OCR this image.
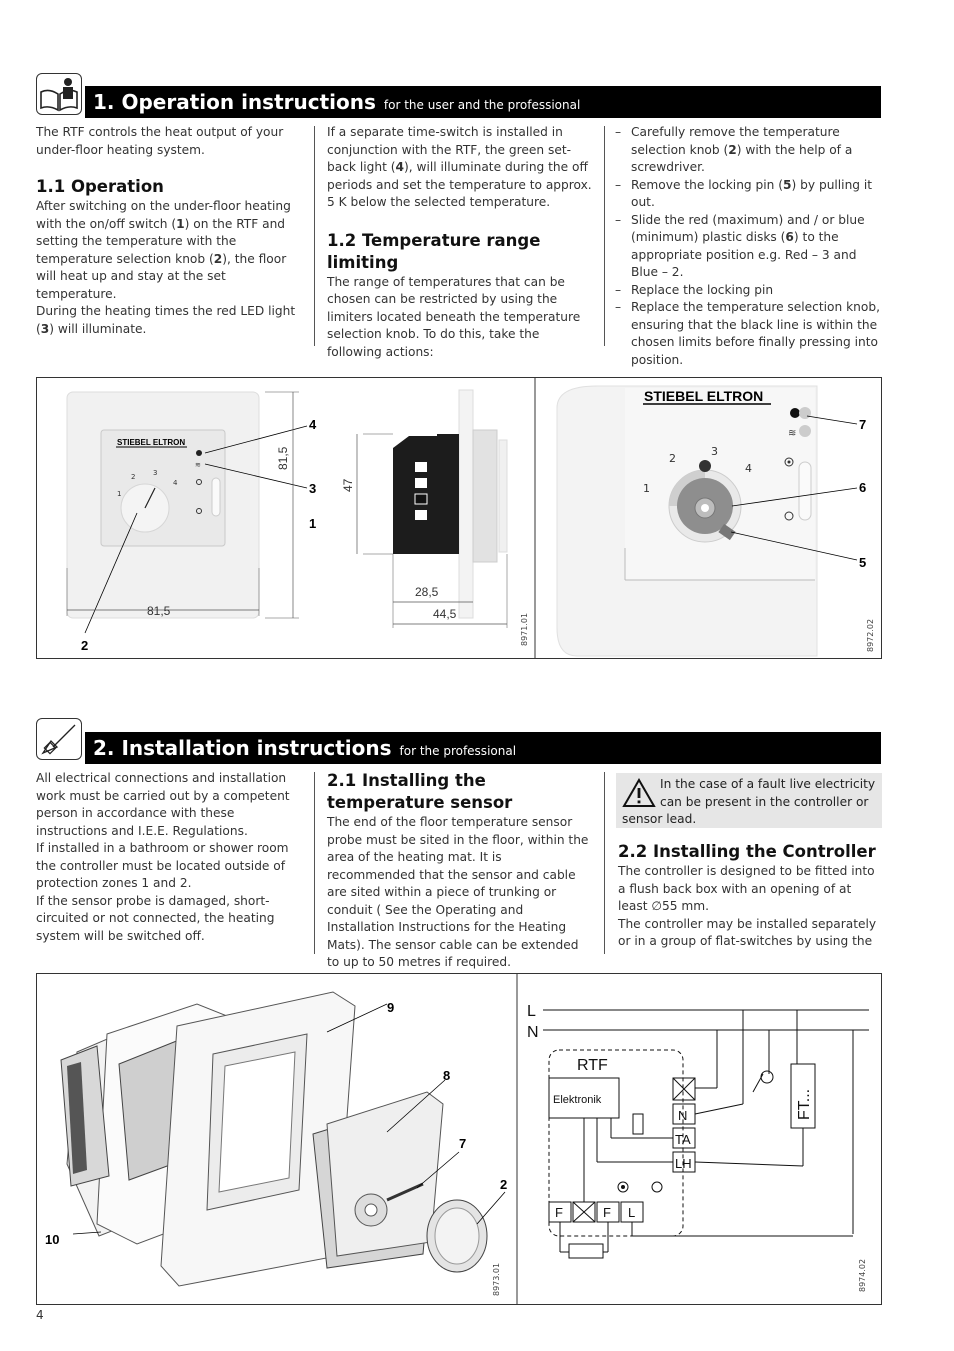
1. Operation instructions for the user and the professional

The RTF controls the heat output of your under-floor heating system.

1.1 Operation

After switching on the under-floor heating with the on/off switch (1) on the RTF and setting the temperature with the temperature selection knob (2), the floor will heat up and stay at the set temperature.

During the heating times the red LED light (3) will illuminate.

If a separate time-switch is installed in conjunction with the RTF, the green set-back light (4), will illuminate during the off periods and set the temperature to approx. 5 K below the selected temperature.

1.2 Temperature range limiting

The range of temperatures that can be chosen can be restricted by using the limiters located beneath the temperature selection knob. To do this, take the following actions:

– Carefully remove the temperature selection knob (2) with the help of a screwdriver.
– Remove the locking pin (5) by pulling it out.
– Slide the red (maximum) and / or blue (minimum) plastic disks (6) to the appropriate position e.g. Red – 3 and Blue – 2.
– Replace the locking pin
– Replace the temperature selection knob, ensuring that the black line is within the chosen limits before finally pressing into position.
STIEBEL ELTRON
1
2	3
4
≋
4
3
1
2
81,5
81,5
47
28,5
44,5	8971.01
STIEBEL ELTRON
≋
1
2
3
4
7
6
5
8972.02
2. Installation instructions for the professional

All electrical connections and installation work must be carried out by a competent person in accordance with these instructions and I.E.E. Regulations.

If installed in a bathroom or shower room the controller must be located outside of protection zones 1 and 2.

If the sensor probe is damaged, short-circuited or not connected, the heating system will be switched off.

2.1 Installing the temperature sensor

The end of the floor temperature sensor probe must be sited in the floor, within the area of the heating mat. It is recommended that the sensor and cable are sited within a piece of trunking or conduit ( See the Operating and Installation Instructions for the Heating Mats). The sensor cable can be extended to up to 50 metres if required.

In the case of a fault live electricity can be present in the controller or sensor lead.
2.2 Installing the Controller

The controller is designed to be fitted into a flush back box with an opening of at least ∅55 mm.

The controller may be installed separately or in a group of flat-switches by using the

9
8
7
2
10
8973.01
L
N
RTF
Elektronik
N
TA
LH
F	F L
FT...
8974.02
4
